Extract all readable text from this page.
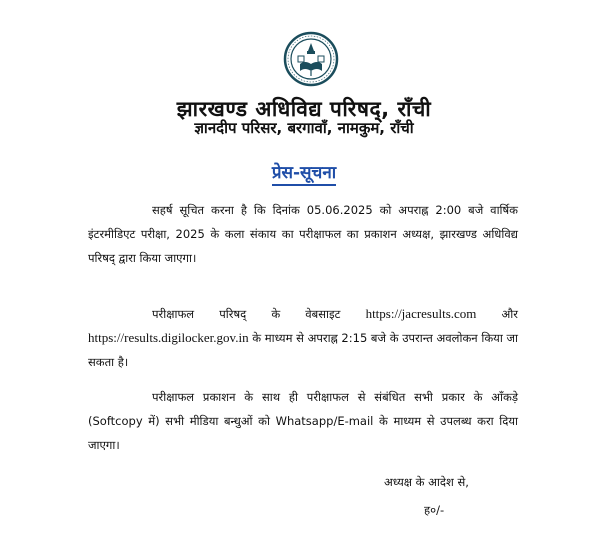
झारखण्ड अधिविद्य परिषद्, राँची
ज्ञानदीप परिसर, बरगावाँ, नामकुम, राँची
प्रेस-सूचना
सहर्ष सूचित करना है कि दिनांक 05.06.2025 को अपराह्न 2:00 बजे वार्षिक इंटरमीडिएट परीक्षा, 2025 के कला संकाय का परीक्षाफल का प्रकाशन अध्यक्ष, झारखण्ड अधिविद्य परिषद् द्वारा किया जाएगा।
परीक्षाफल परिषद् के वेबसाइट https://jacresults.com और https://results.digilocker.gov.in के माध्यम से अपराह्न 2:15 बजे के उपरान्त अवलोकन किया जा सकता है।
परीक्षाफल प्रकाशन के साथ ही परीक्षाफल से संबंधित सभी प्रकार के आँकड़े (Softcopy में) सभी मीडिया बन्धुओं को Whatsapp/E-mail के माध्यम से उपलब्ध करा दिया जाएगा।
अध्यक्ष के आदेश से,
ह०/-
